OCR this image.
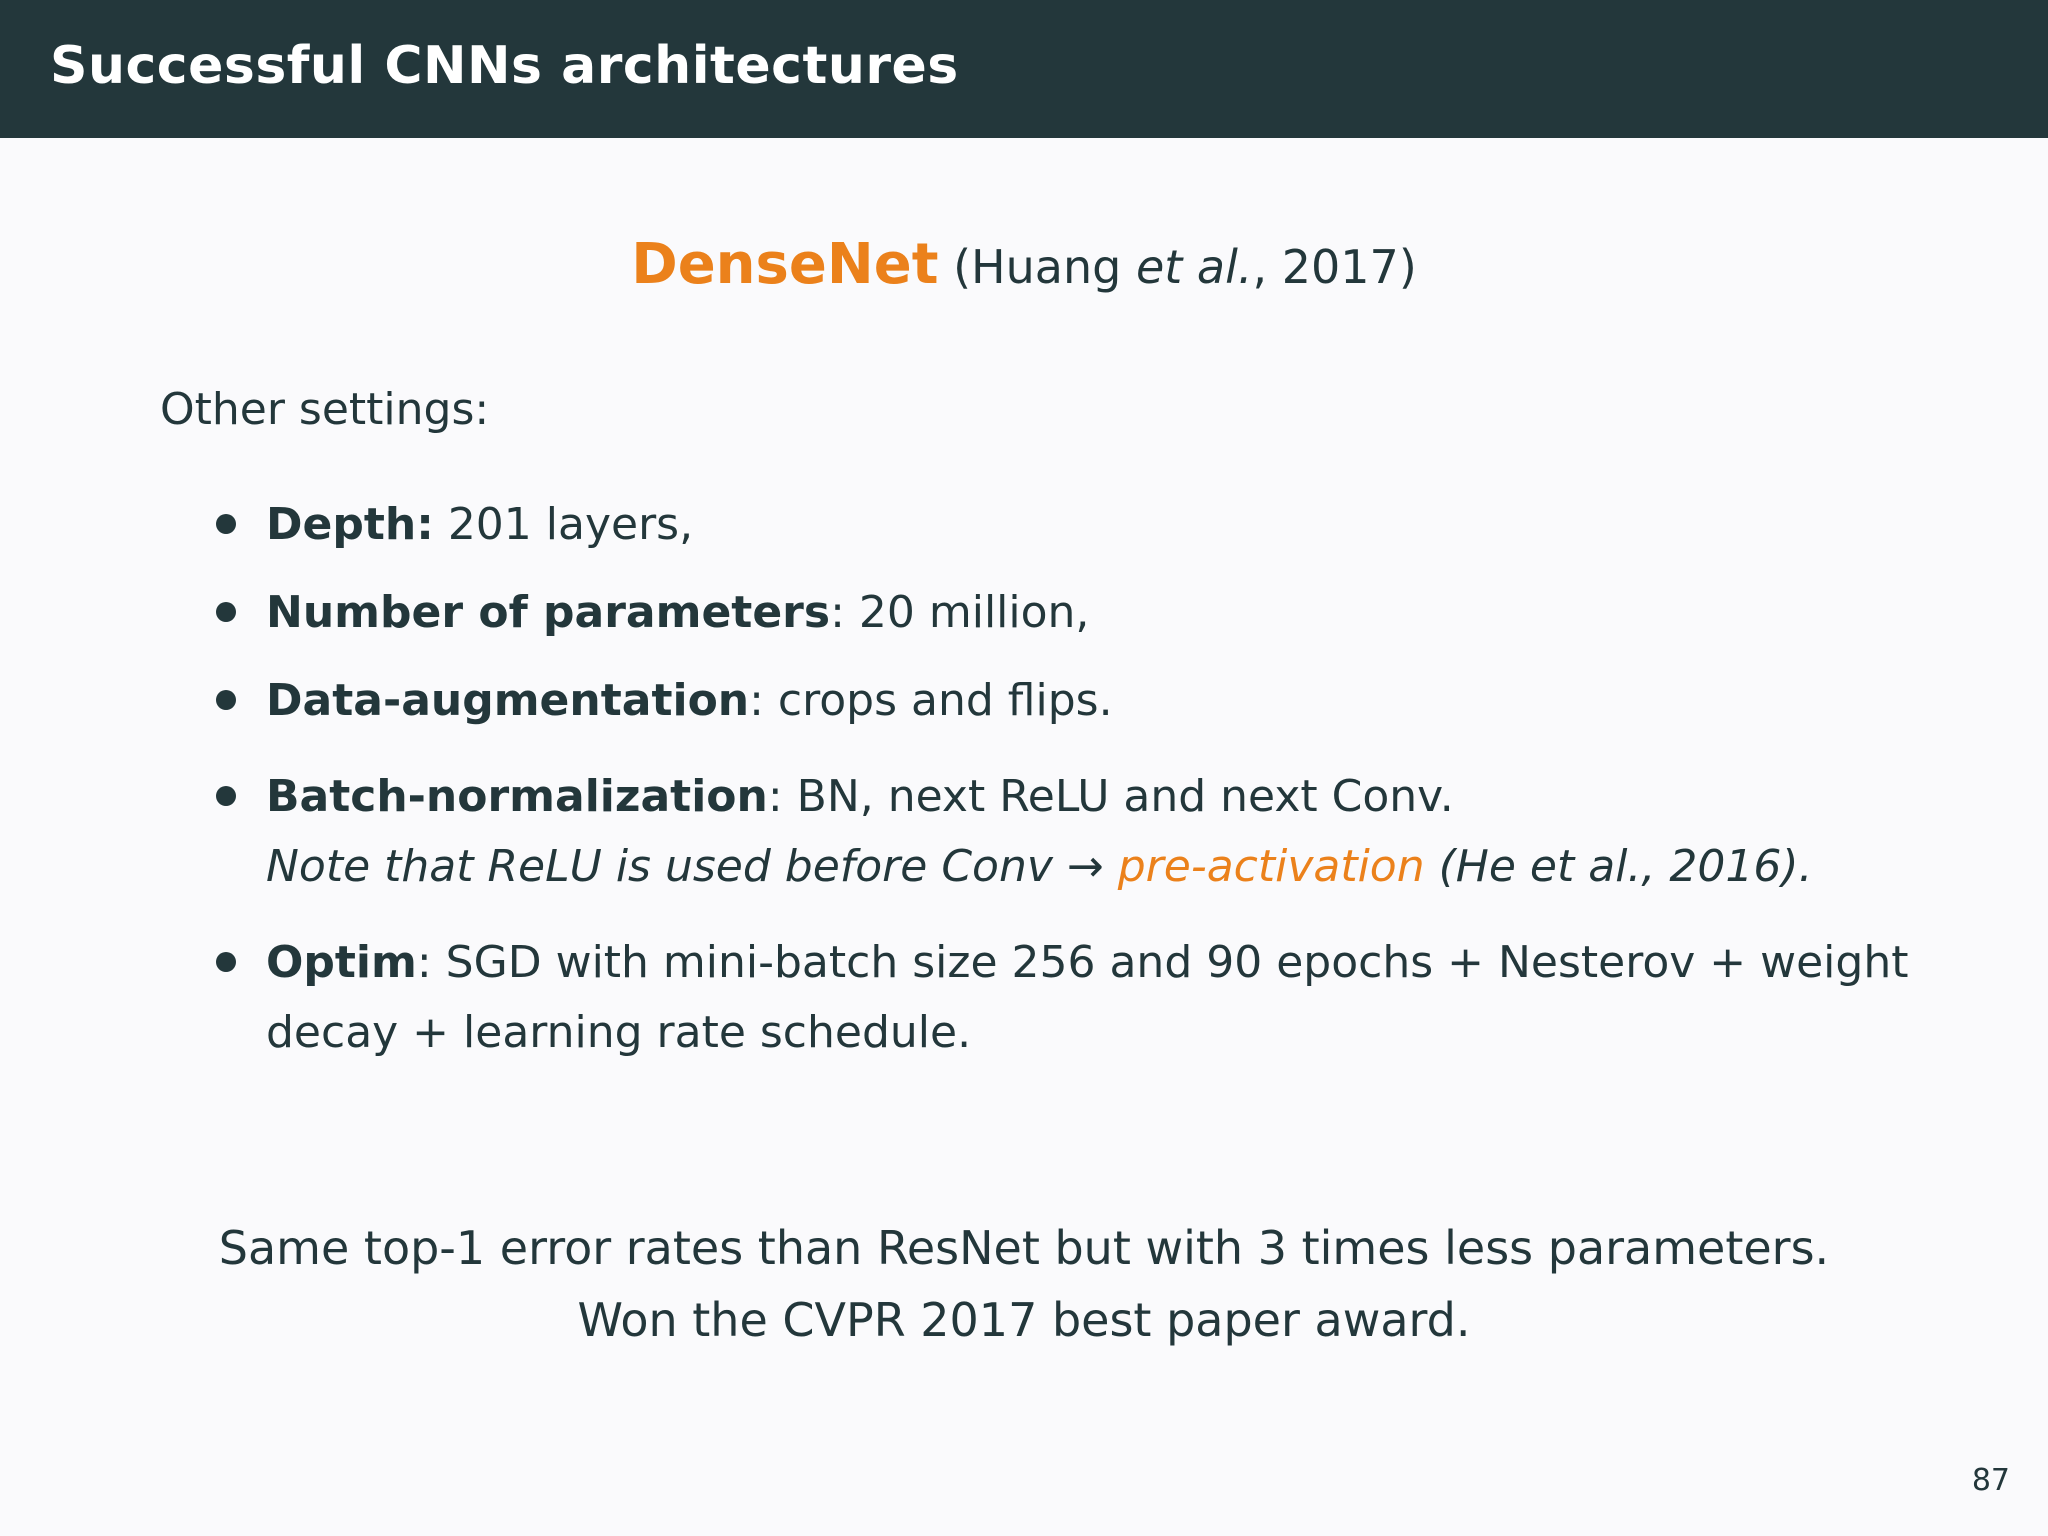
Successful CNNs architectures
DenseNet (Huang et al., 2017)
Other settings:
Depth: 201 layers,
Number of parameters: 20 million,
Data-augmentation: crops and flips.
Batch-normalization: BN, next ReLU and next Conv.
Note that ReLU is used before Conv → pre-activation (He et al., 2016).
Optim: SGD with mini-batch size 256 and 90 epochs + Nesterov + weight decay + learning rate schedule.
Same top-1 error rates than ResNet but with 3 times less parameters.
Won the CVPR 2017 best paper award.
87
